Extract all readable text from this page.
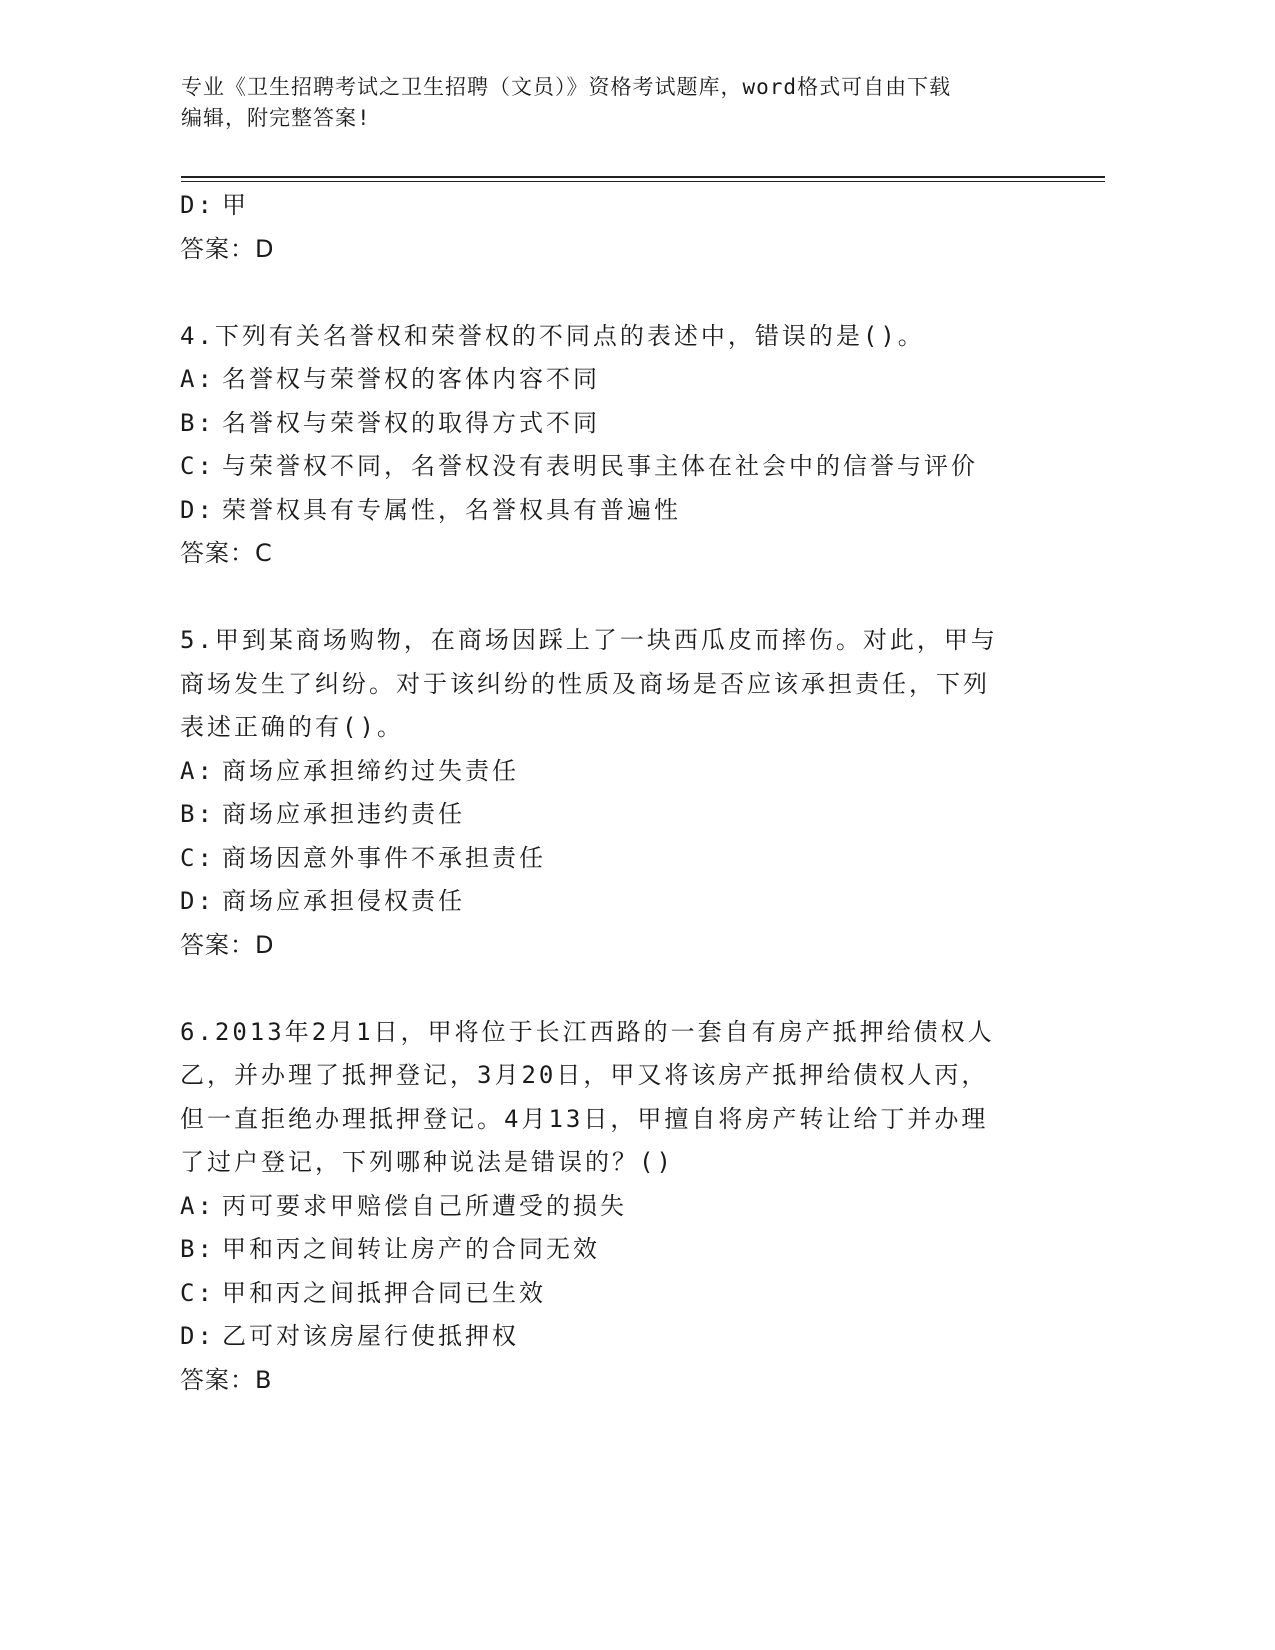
专业《卫生招聘考试之卫生招聘（文员）》资格考试题库，word格式可自由下载
编辑，附完整答案!
D: 甲
答案：D
4.下列有关名誉权和荣誉权的不同点的表述中，错误的是()。
A: 名誉权与荣誉权的客体内容不同
B: 名誉权与荣誉权的取得方式不同
C: 与荣誉权不同，名誉权没有表明民事主体在社会中的信誉与评价
D: 荣誉权具有专属性，名誉权具有普遍性
答案：C
5.甲到某商场购物，在商场因踩上了一块西瓜皮而摔伤。对此，甲与
商场发生了纠纷。对于该纠纷的性质及商场是否应该承担责任，下列
表述正确的有()。
A: 商场应承担缔约过失责任
B: 商场应承担违约责任
C: 商场因意外事件不承担责任
D: 商场应承担侵权责任
答案：D
6.2013年2月1日，甲将位于长江西路的一套自有房产抵押给债权人
乙，并办理了抵押登记，3月20日，甲又将该房产抵押给债权人丙，
但一直拒绝办理抵押登记。4月13日，甲擅自将房产转让给丁并办理
了过户登记，下列哪种说法是错误的？()
A: 丙可要求甲赔偿自己所遭受的损失
B: 甲和丙之间转让房产的合同无效
C: 甲和丙之间抵押合同已生效
D: 乙可对该房屋行使抵押权
答案：B
